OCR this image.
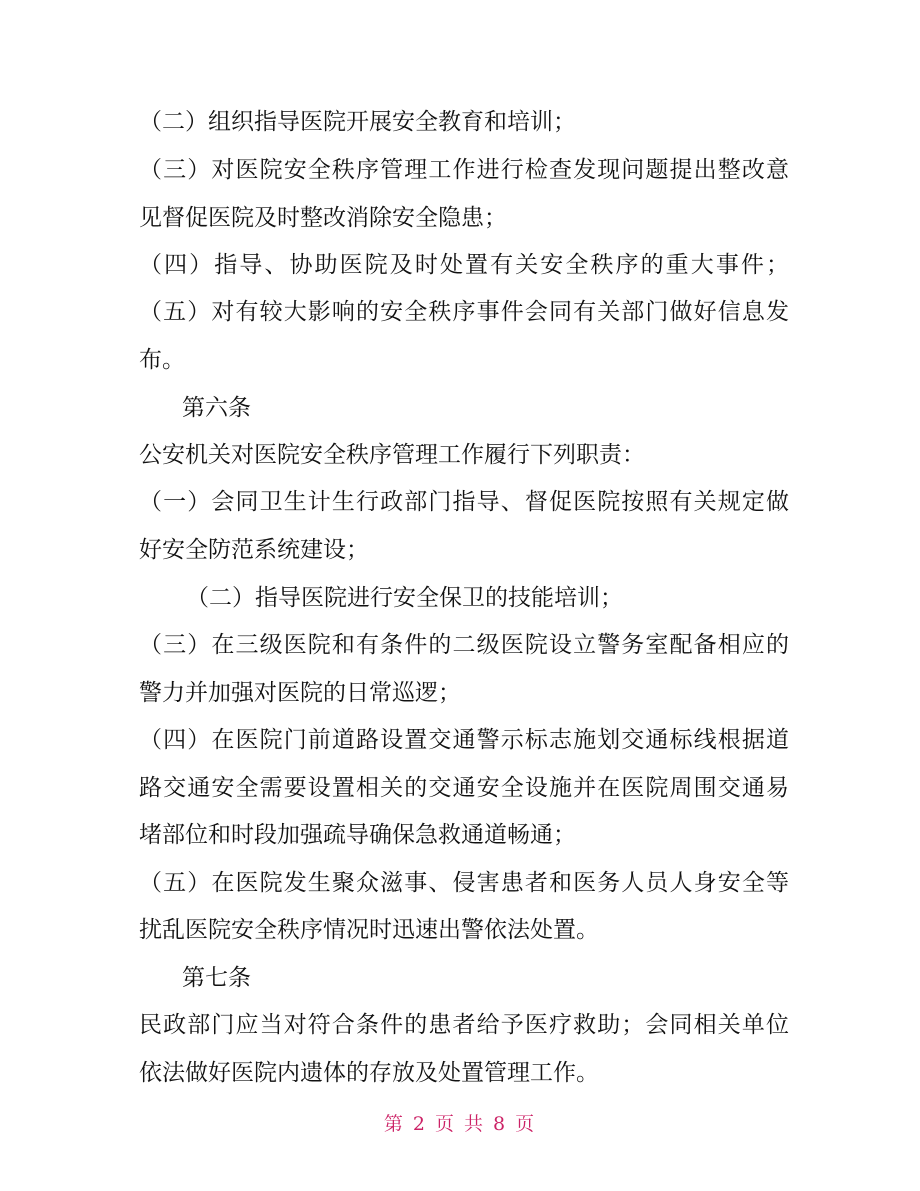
（二）组织指导医院开展安全教育和培训；
（三）对医院安全秩序管理工作进行检查发现问题提出整改意
见督促医院及时整改消除安全隐患；
（四）指导、协助医院及时处置有关安全秩序的重大事件；
（五）对有较大影响的安全秩序事件会同有关部门做好信息发
布。
第六条
公安机关对医院安全秩序管理工作履行下列职责：
（一）会同卫生计生行政部门指导、督促医院按照有关规定做
好安全防范系统建设；
（二）指导医院进行安全保卫的技能培训；
（三）在三级医院和有条件的二级医院设立警务室配备相应的
警力并加强对医院的日常巡逻；
（四）在医院门前道路设置交通警示标志施划交通标线根据道
路交通安全需要设置相关的交通安全设施并在医院周围交通易
堵部位和时段加强疏导确保急救通道畅通；
（五）在医院发生聚众滋事、侵害患者和医务人员人身安全等
扰乱医院安全秩序情况时迅速出警依法处置。
第七条
民政部门应当对符合条件的患者给予医疗救助；会同相关单位
依法做好医院内遗体的存放及处置管理工作。
第 2 页 共 8 页
